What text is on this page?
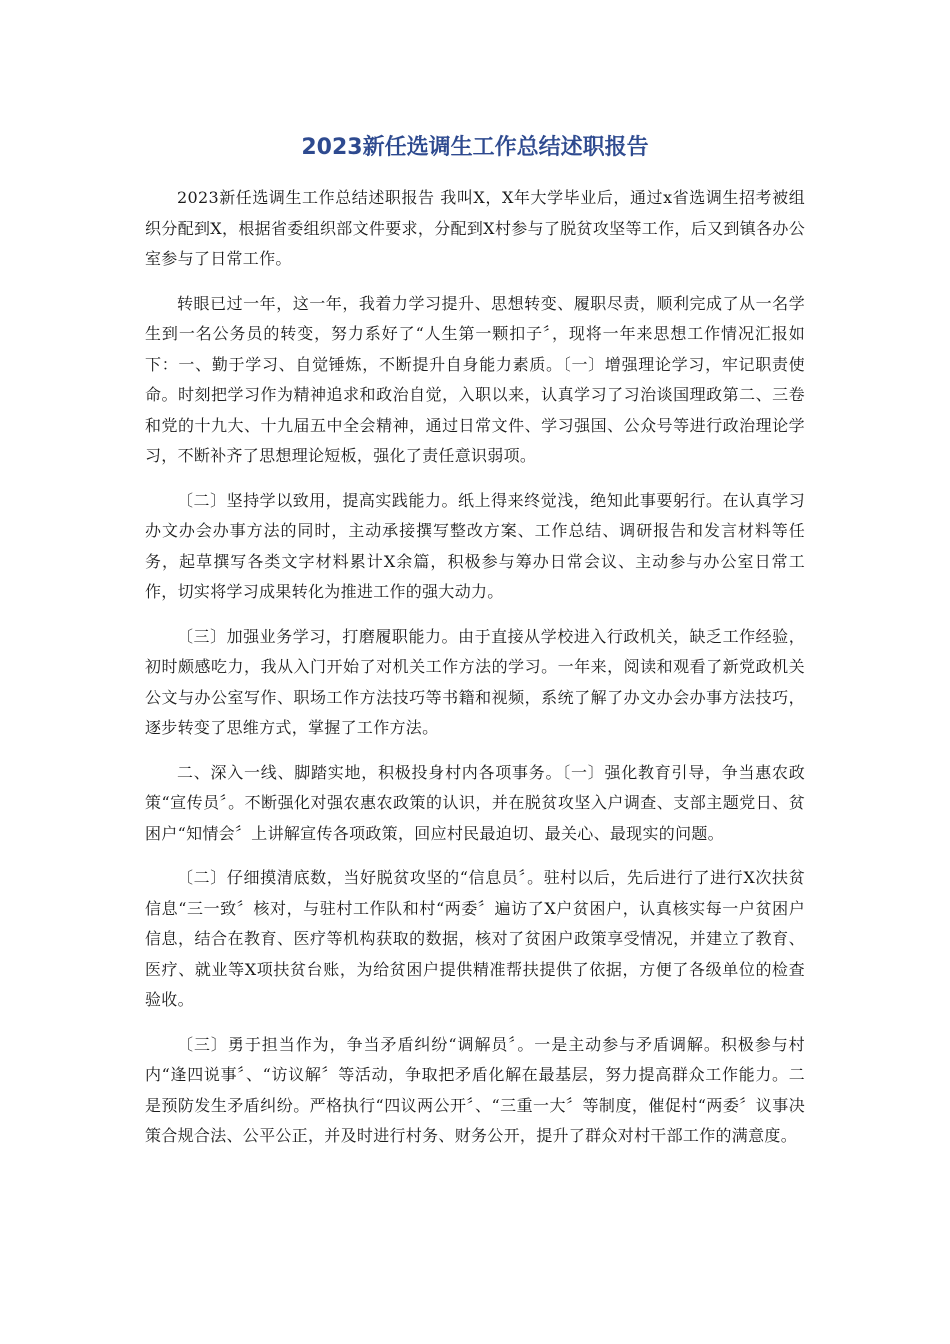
2023新任选调生工作总结述职报告

2023新任选调生工作总结述职报告 我叫X，X年大学毕业后，通过x省选调生招考被组织分配到X，根据省委组织部文件要求，分配到X村参与了脱贫攻坚等工作，后又到镇各办公室参与了日常工作。

转眼已过一年，这一年，我着力学习提升、思想转变、履职尽责，顺利完成了从一名学生到一名公务员的转变，努力系好了“人生第一颗扣子〞，现将一年来思想工作情况汇报如下：一、勤于学习、自觉锤炼，不断提升自身能力素质。〔一〕增强理论学习，牢记职责使命。时刻把学习作为精神追求和政治自觉，入职以来，认真学习了习治谈国理政第二、三卷和党的十九大、十九届五中全会精神，通过日常文件、学习强国、公众号等进行政治理论学习，不断补齐了思想理论短板，强化了责任意识弱项。

〔二〕坚持学以致用，提高实践能力。纸上得来终觉浅，绝知此事要躬行。在认真学习办文办会办事方法的同时，主动承接撰写整改方案、工作总结、调研报告和发言材料等任务，起草撰写各类文字材料累计X余篇，积极参与筹办日常会议、主动参与办公室日常工作，切实将学习成果转化为推进工作的强大动力。

〔三〕加强业务学习，打磨履职能力。由于直接从学校进入行政机关，缺乏工作经验，初时颇感吃力，我从入门开始了对机关工作方法的学习。一年来，阅读和观看了新党政机关公文与办公室写作、职场工作方法技巧等书籍和视频，系统了解了办文办会办事方法技巧，逐步转变了思维方式，掌握了工作方法。

二、深入一线、脚踏实地，积极投身村内各项事务。〔一〕强化教育引导，争当惠农政策“宣传员〞。不断强化对强农惠农政策的认识，并在脱贫攻坚入户调查、支部主题党日、贫困户“知情会〞上讲解宣传各项政策，回应村民最迫切、最关心、最现实的问题。

〔二〕仔细摸清底数，当好脱贫攻坚的“信息员〞。驻村以后，先后进行了进行X次扶贫信息“三一致〞核对，与驻村工作队和村“两委〞遍访了X户贫困户，认真核实每一户贫困户信息，结合在教育、医疗等机构获取的数据，核对了贫困户政策享受情况，并建立了教育、医疗、就业等X项扶贫台账，为给贫困户提供精准帮扶提供了依据，方便了各级单位的检查验收。

〔三〕勇于担当作为，争当矛盾纠纷“调解员〞。一是主动参与矛盾调解。积极参与村内“逢四说事〞、“访议解〞等活动，争取把矛盾化解在最基层，努力提高群众工作能力。二是预防发生矛盾纠纷。严格执行“四议两公开〞、“三重一大〞等制度，催促村“两委〞议事决策合规合法、公平公正，并及时进行村务、财务公开，提升了群众对村干部工作的满意度。
